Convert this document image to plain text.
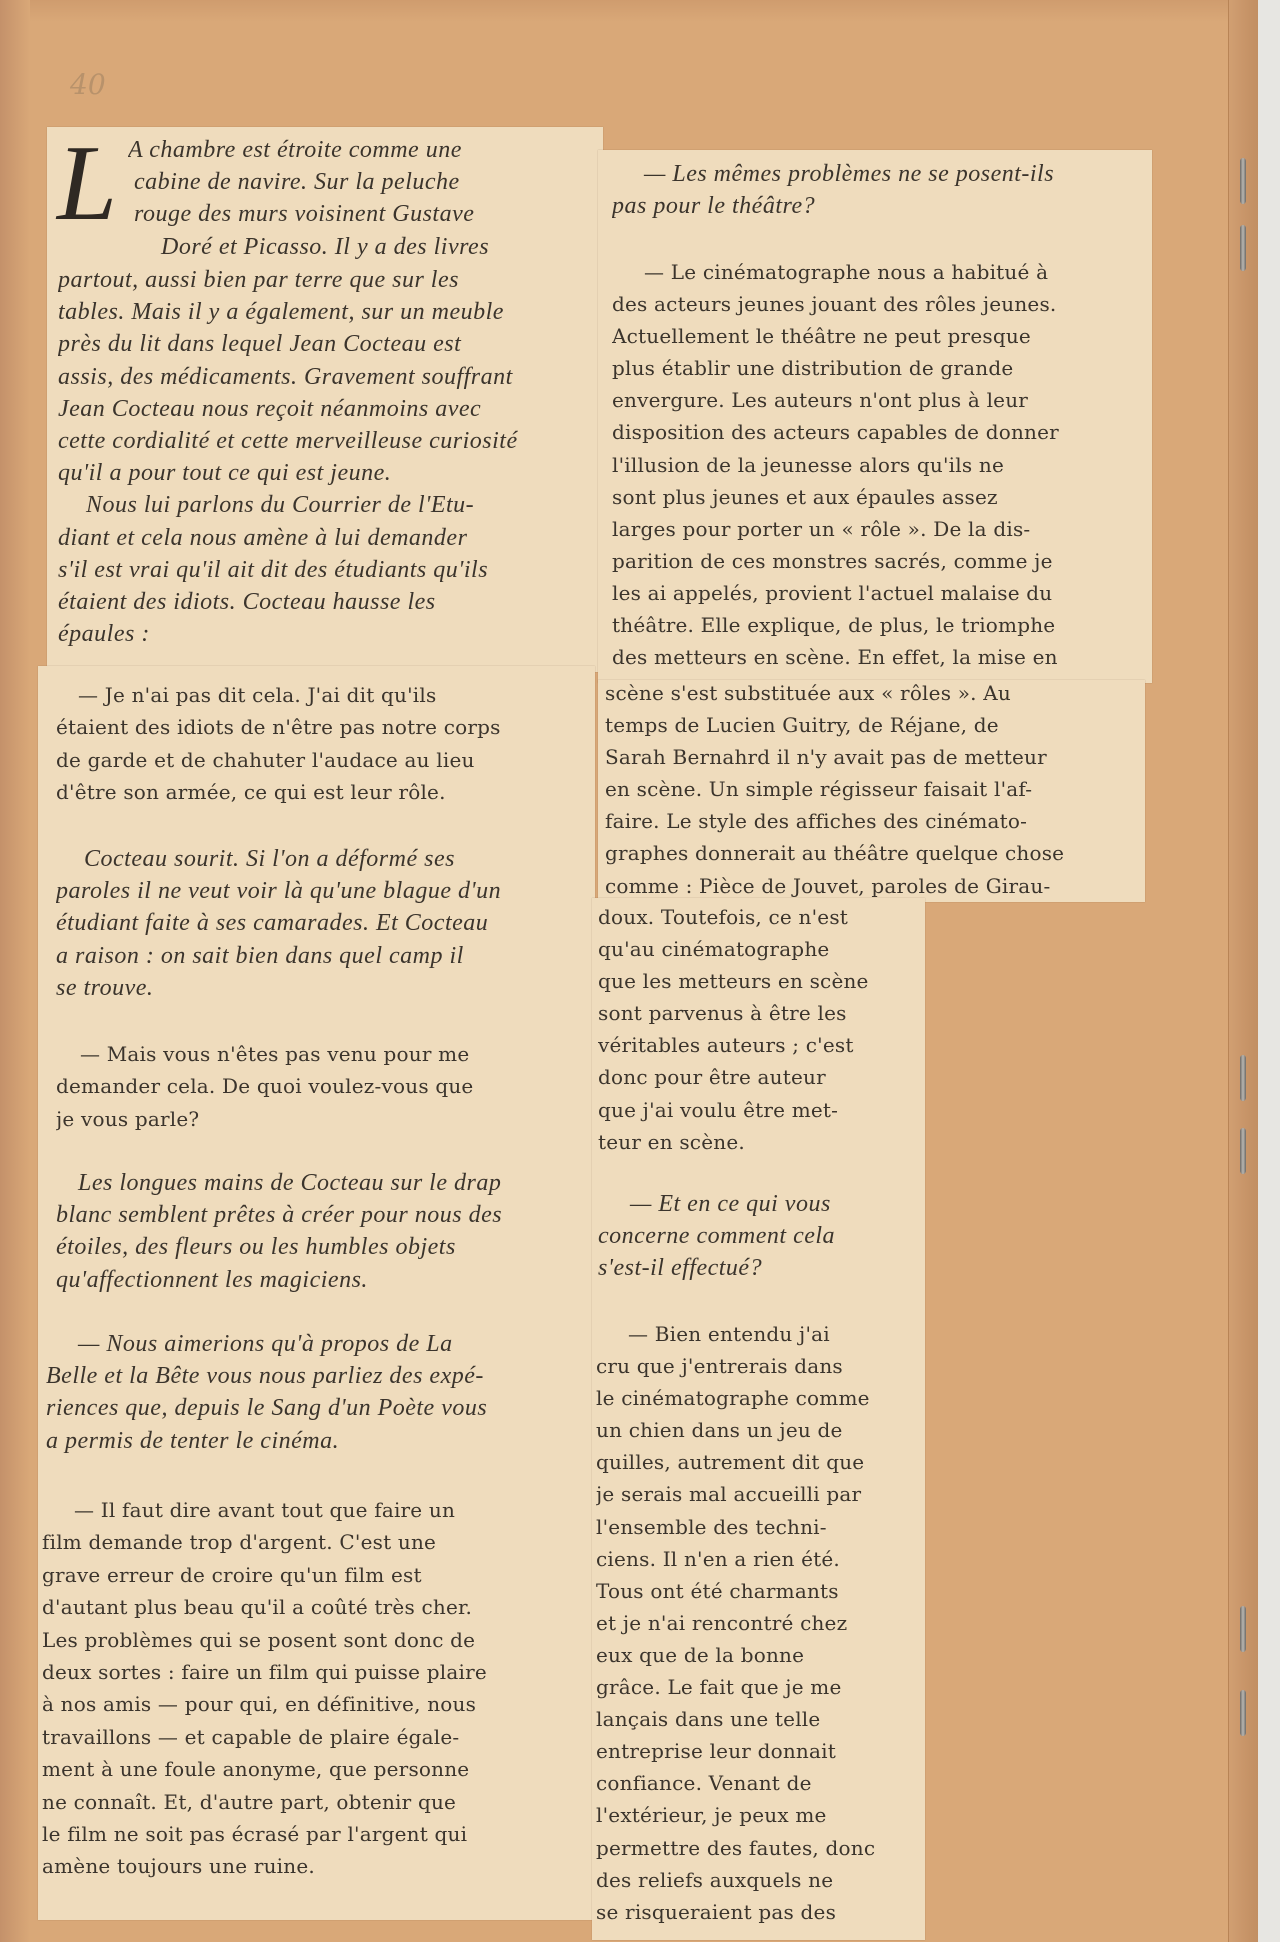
40
L A chambre est étroite comme une

cabine de navire. Sur la peluche

rouge des murs voisinent Gustave

Doré et Picasso. Il y a des livres

partout, aussi bien par terre que sur les

tables. Mais il y a également, sur un meuble

près du lit dans lequel Jean Cocteau est

assis, des médicaments. Gravement souffrant

Jean Cocteau nous reçoit néanmoins avec

cette cordialité et cette merveilleuse curiosité

qu'il a pour tout ce qui est jeune.

Nous lui parlons du Courrier de l'Etu-

diant et cela nous amène à lui demander

s'il est vrai qu'il ait dit des étudiants qu'ils

étaient des idiots. Cocteau hausse les

épaules :

— Je n'ai pas dit cela. J'ai dit qu'ils

étaient des idiots de n'être pas notre corps

de garde et de chahuter l'audace au lieu

d'être son armée, ce qui est leur rôle.

Cocteau sourit. Si l'on a déformé ses

paroles il ne veut voir là qu'une blague d'un

étudiant faite à ses camarades. Et Cocteau

a raison : on sait bien dans quel camp il

se trouve.

— Mais vous n'êtes pas venu pour me

demander cela. De quoi voulez-vous que

je vous parle?

Les longues mains de Cocteau sur le drap

blanc semblent prêtes à créer pour nous des

étoiles, des fleurs ou les humbles objets

qu'affectionnent les magiciens.

— Nous aimerions qu'à propos de La

Belle et la Bête vous nous parliez des expé-

riences que, depuis le Sang d'un Poète vous

a permis de tenter le cinéma.

— Il faut dire avant tout que faire un

film demande trop d'argent. C'est une

grave erreur de croire qu'un film est

d'autant plus beau qu'il a coûté très cher.

Les problèmes qui se posent sont donc de

deux sortes : faire un film qui puisse plaire

à nos amis — pour qui, en définitive, nous

travaillons — et capable de plaire égale-

ment à une foule anonyme, que personne

ne connaît. Et, d'autre part, obtenir que

le film ne soit pas écrasé par l'argent qui

amène toujours une ruine.

— Les mêmes problèmes ne se posent-ils

pas pour le théâtre?

— Le cinématographe nous a habitué à

des acteurs jeunes jouant des rôles jeunes.

Actuellement le théâtre ne peut presque

plus établir une distribution de grande

envergure. Les auteurs n'ont plus à leur

disposition des acteurs capables de donner

l'illusion de la jeunesse alors qu'ils ne

sont plus jeunes et aux épaules assez

larges pour porter un « rôle ». De la dis-

parition de ces monstres sacrés, comme je

les ai appelés, provient l'actuel malaise du

théâtre. Elle explique, de plus, le triomphe

des metteurs en scène. En effet, la mise en

scène s'est substituée aux « rôles ». Au

temps de Lucien Guitry, de Réjane, de

Sarah Bernahrd il n'y avait pas de metteur

en scène. Un simple régisseur faisait l'af-

faire. Le style des affiches des cinémato-

graphes donnerait au théâtre quelque chose

comme : Pièce de Jouvet, paroles de Girau-

doux. Toutefois, ce n'est

qu'au cinématographe

que les metteurs en scène

sont parvenus à être les

véritables auteurs ; c'est

donc pour être auteur

que j'ai voulu être met-

teur en scène.

— Et en ce qui vous

concerne comment cela

s'est-il effectué?

— Bien entendu j'ai

cru que j'entrerais dans

le cinématographe comme

un chien dans un jeu de

quilles, autrement dit que

je serais mal accueilli par

l'ensemble des techni-

ciens. Il n'en a rien été.

Tous ont été charmants

et je n'ai rencontré chez

eux que de la bonne

grâce. Le fait que je me

lançais dans une telle

entreprise leur donnait

confiance. Venant de

l'extérieur, je peux me

permettre des fautes, donc

des reliefs auxquels ne

se risqueraient pas des
